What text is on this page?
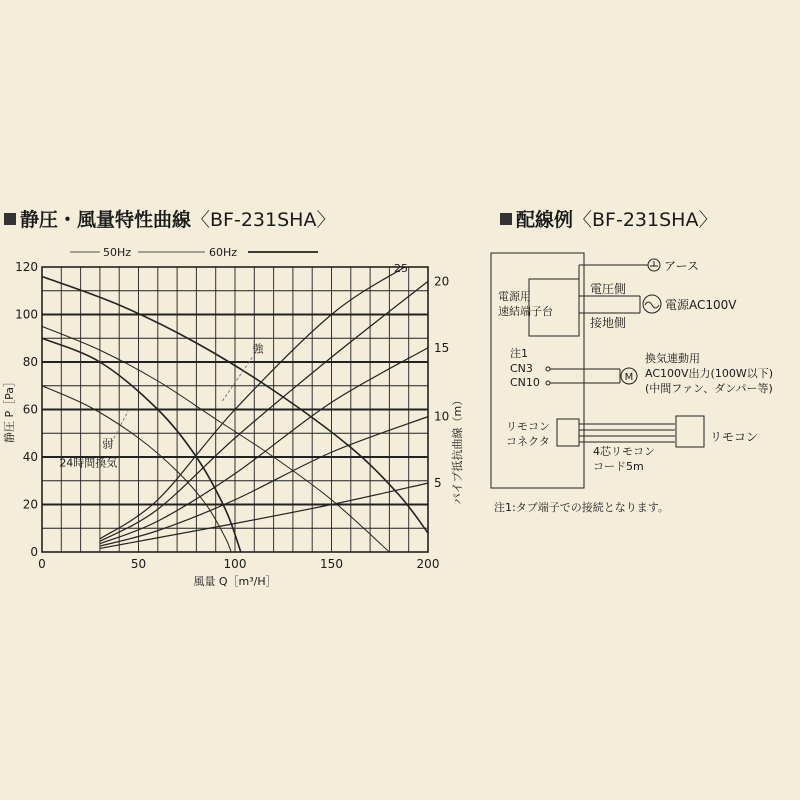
静圧・風量特性曲線〈BF-231SHA〉	配線例〈BF-231SHA〉
50Hz	60Hz
0	50	100	150	200
0
20
40
60
80
100
120
5
10
15
20
風量 Q［m³/H］
静圧 P［Pa］	パイプ抵抗曲線（m）
強
弱
24時間換気
25
電源用
速結端子台
電圧側
接地側
アース
電源AC100V
注1
CN3
CN10	M
換気連動用
AC100V出力(100W以下)
(中間ファン、ダンパー等)
リモコン
コネクタ	リモコン
4芯リモコン
コード5m
注1:タブ端子での接続となります。
